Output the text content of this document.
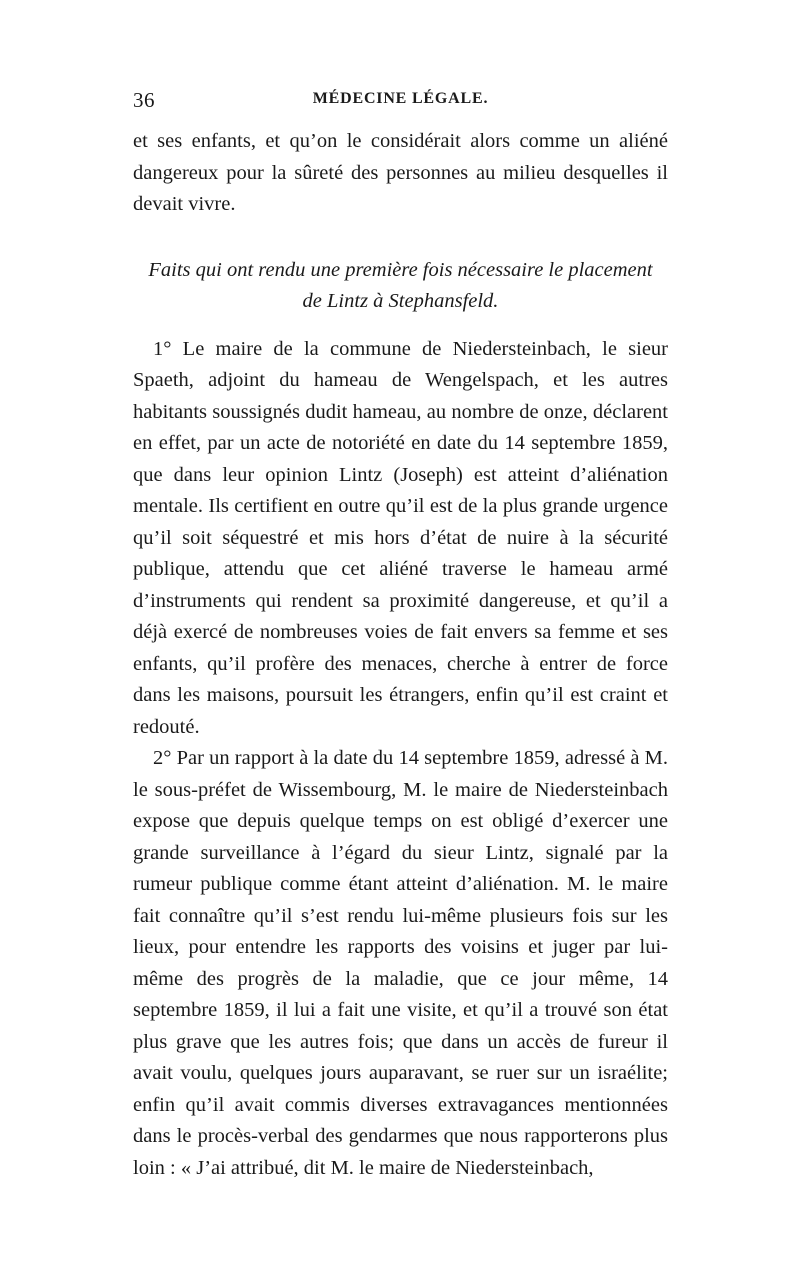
36	MÉDECINE LÉGALE.

et ses enfants, et qu’on le considérait alors comme un aliéné dangereux pour la sûreté des personnes au milieu desquelles il devait vivre.

Faits qui ont rendu une première fois nécessaire le placement
de Lintz à Stephansfeld.

1° Le maire de la commune de Niedersteinbach, le sieur Spaeth, adjoint du hameau de Wengelspach, et les autres habitants soussignés dudit hameau, au nombre de onze, déclarent en effet, par un acte de notoriété en date du 14 septembre 1859, que dans leur opinion Lintz (Joseph) est atteint d’aliénation mentale. Ils certifient en outre qu’il est de la plus grande urgence qu’il soit séquestré et mis hors d’état de nuire à la sécurité publique, attendu que cet aliéné traverse le hameau armé d’instruments qui rendent sa proximité dangereuse, et qu’il a déjà exercé de nombreuses voies de fait envers sa femme et ses enfants, qu’il profère des menaces, cherche à entrer de force dans les maisons, poursuit les étrangers, enfin qu’il est craint et redouté.

2° Par un rapport à la date du 14 septembre 1859, adressé à M. le sous-préfet de Wissembourg, M. le maire de Niedersteinbach expose que depuis quelque temps on est obligé d’exercer une grande surveillance à l’égard du sieur Lintz, signalé par la rumeur publique comme étant atteint d’aliénation. M. le maire fait connaître qu’il s’est rendu lui-même plusieurs fois sur les lieux, pour entendre les rapports des voisins et juger par lui-même des progrès de la maladie, que ce jour même, 14 septembre 1859, il lui a fait une visite, et qu’il a trouvé son état plus grave que les autres fois; que dans un accès de fureur il avait voulu, quelques jours auparavant, se ruer sur un israélite; enfin qu’il avait commis diverses extravagances mentionnées dans le procès-verbal des gendarmes que nous rapporterons plus loin : « J’ai attribué, dit M. le maire de Niedersteinbach,
